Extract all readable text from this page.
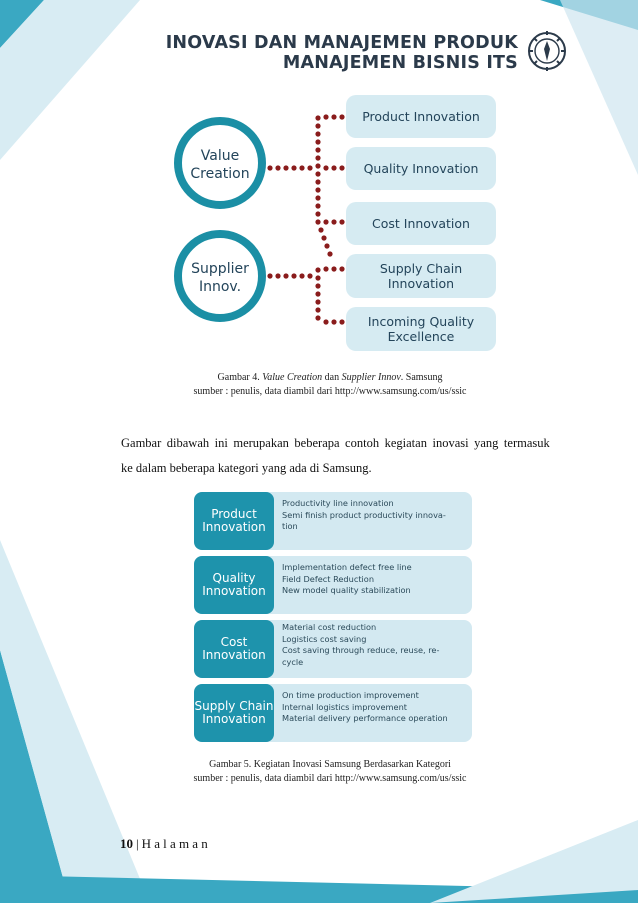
INOVASI DAN MANAJEMEN PRODUK
MANAJEMEN BISNIS ITS
Value
Creation
Supplier
Innov.
Product Innovation
Quality Innovation
Cost Innovation
Supply Chain
Innovation
Incoming Quality
Excellence
Gambar 4. Value Creation dan Supplier Innov. Samsung
sumber : penulis, data diambil dari http://www.samsung.com/us/ssic
Gambar dibawah ini merupakan beberapa contoh kegiatan inovasi yang termasuk
ke dalam beberapa kategori yang ada di Samsung.
Product
Innovation
Productivity line innovation
Semi finish product productivity innova-
tion
Quality
Innovation
Implementation defect free line
Field Defect Reduction
New model quality stabilization
Cost
Innovation
Material cost reduction
Logistics cost saving
Cost saving through reduce, reuse, re-
cycle
Supply Chain
Innovation
On time production improvement
Internal logistics improvement
Material delivery performance operation
Gambar 5. Kegiatan Inovasi Samsung Berdasarkan Kategori
sumber : penulis, data diambil dari http://www.samsung.com/us/ssic
10 | Halaman
